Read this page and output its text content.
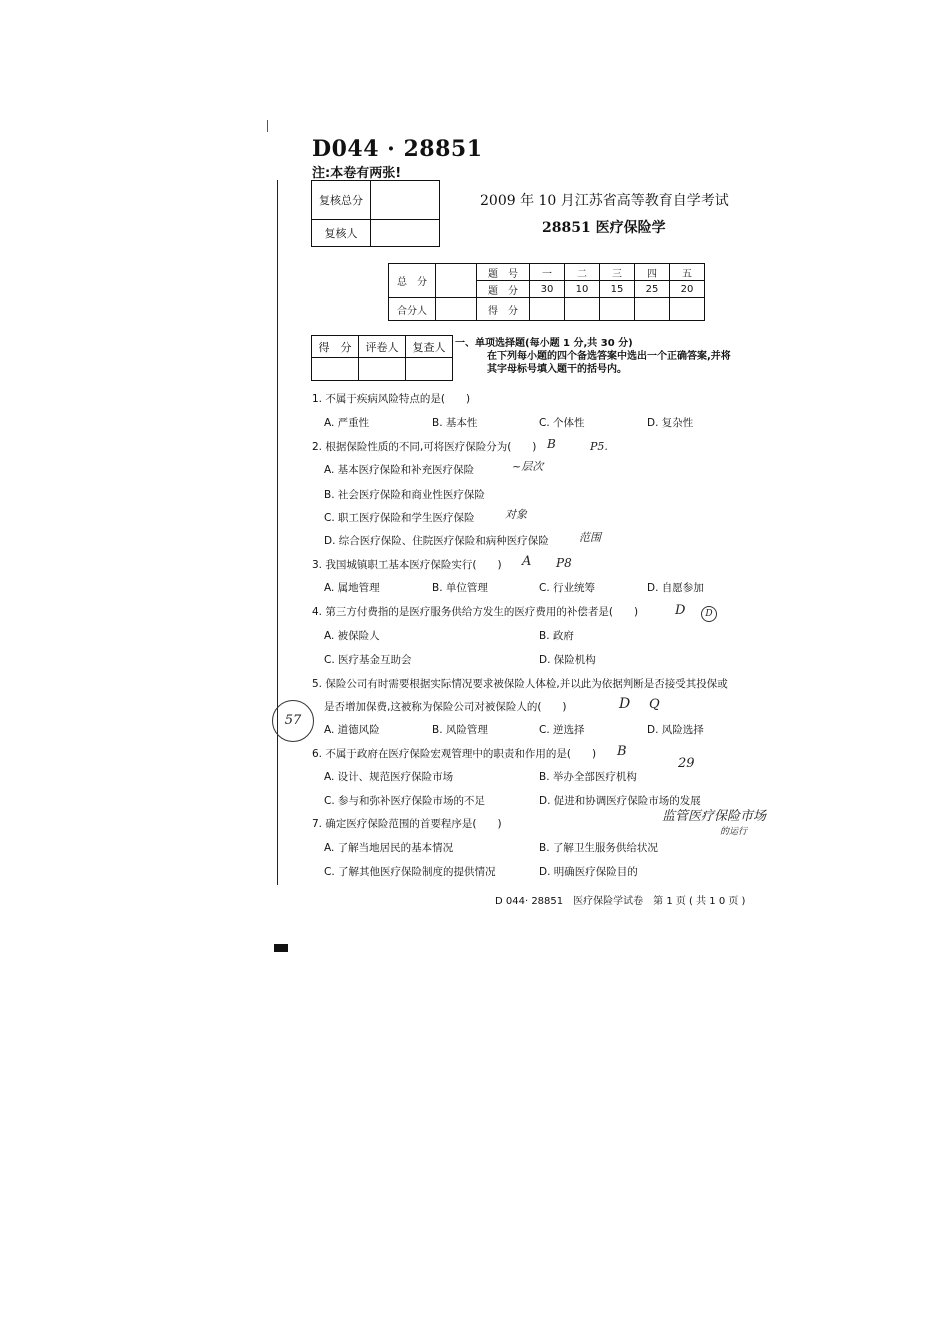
D044 · 28851
注:本卷有两张!
复核总分	
复核人	
2009 年 10 月江苏省高等教育自学考试
28851 医疗保险学
总　分		题　号	一	二	三	四	五
		题　分	30	10	15	25	20
合分人		得　分					
得　分	评卷人	复查人
		一、单项选择题(每小题 1 分,共 30 分)
在下列每小题的四个备选答案中选出一个正确答案,并将
其字母标号填入题干的括号内。
1. 不属于疾病风险特点的是(　　)
A. 严重性	B. 基本性	C. 个体性	D. 复杂性
2. 根据保险性质的不同,可将医疗保险分为(　　) B	P5.
A. 基本医疗保险和补充医疗保险	~层次
B. 社会医疗保险和商业性医疗保险
C. 职工医疗保险和学生医疗保险	对象
D. 综合医疗保险、住院医疗保险和病种医疗保险	范围
3. 我国城镇职工基本医疗保险实行(　　) A P8
A. 属地管理	B. 单位管理	C. 行业统筹	D. 自愿参加
4. 第三方付费指的是医疗服务供给方发生的医疗费用的补偿者是(　　)	D	D
A. 被保险人	B. 政府
C. 医疗基金互助会	D. 保险机构
5. 保险公司有时需要根据实际情况要求被保险人体检,并以此为依据判断是否接受其投保或
是否增加保费,这被称为保险公司对被保险人的(　　)	D Q
57
A. 道德风险	B. 风险管理	C. 逆选择	D. 风险选择
6. 不属于政府在医疗保险宏观管理中的职责和作用的是(　　) B
29
A. 设计、规范医疗保险市场	B. 举办全部医疗机构
C. 参与和弥补医疗保险市场的不足	D. 促进和协调医疗保险市场的发展
7. 确定医疗保险范围的首要程序是(　　)	监管医疗保险市场
的运行
A. 了解当地居民的基本情况	B. 了解卫生服务供给状况
C. 了解其他医疗保险制度的提供情况	D. 明确医疗保险目的
D 044· 28851　医疗保险学试卷　第 1 页 ( 共 1 0 页 )
